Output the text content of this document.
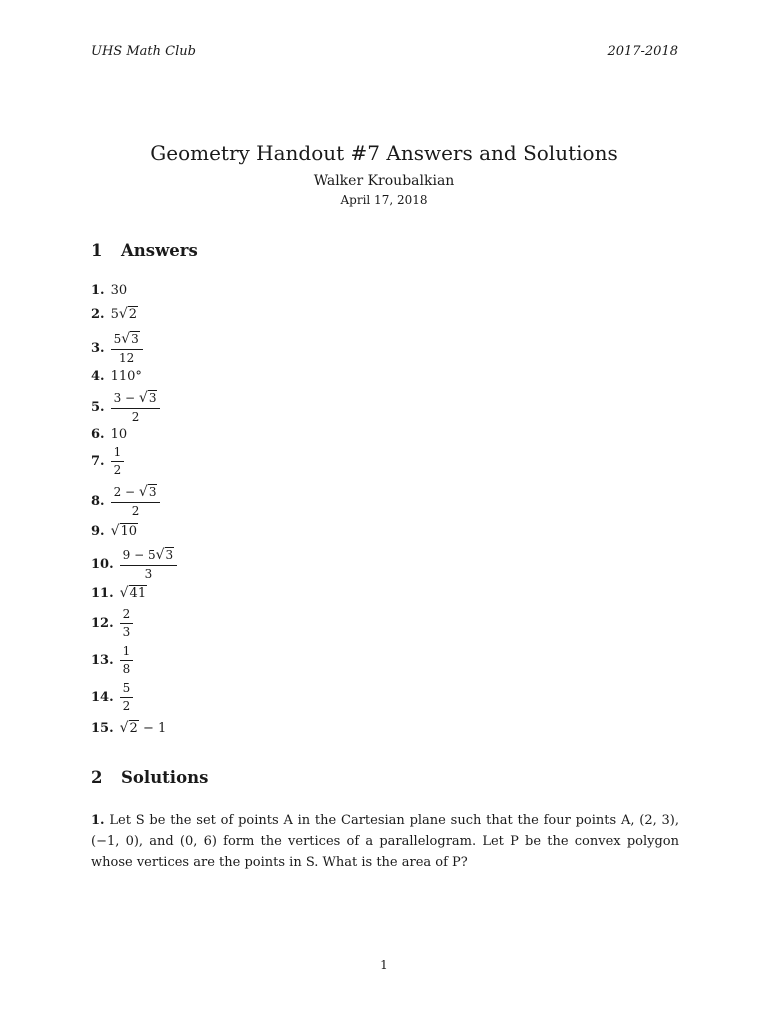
UHS Math Club	2017-2018
Geometry Handout #7 Answers and Solutions
Walker Kroubalkian
April 17, 2018
1 Answers
1. 30
2. 5√2
3. $\frac{5√3}{12}$
4. 110°
5. $\frac{3 - √3}{2}$
6. 10
7. $\frac{1}{2}$
8. $\frac{2 - √3}{2}$
9. √10
10. $\frac{9 - 5√3}{3}$
11. √41
12. $\frac{2}{3}$
13. $\frac{1}{8}$
14. $\frac{5}{2}$
15. √2 − 1
2 Solutions
1. Let S be the set of points A in the Cartesian plane such that the four points A, (2, 3), (−1, 0), and (0, 6) form the vertices of a parallelogram. Let P be the convex polygon whose vertices are the points in S. What is the area of P?
1
